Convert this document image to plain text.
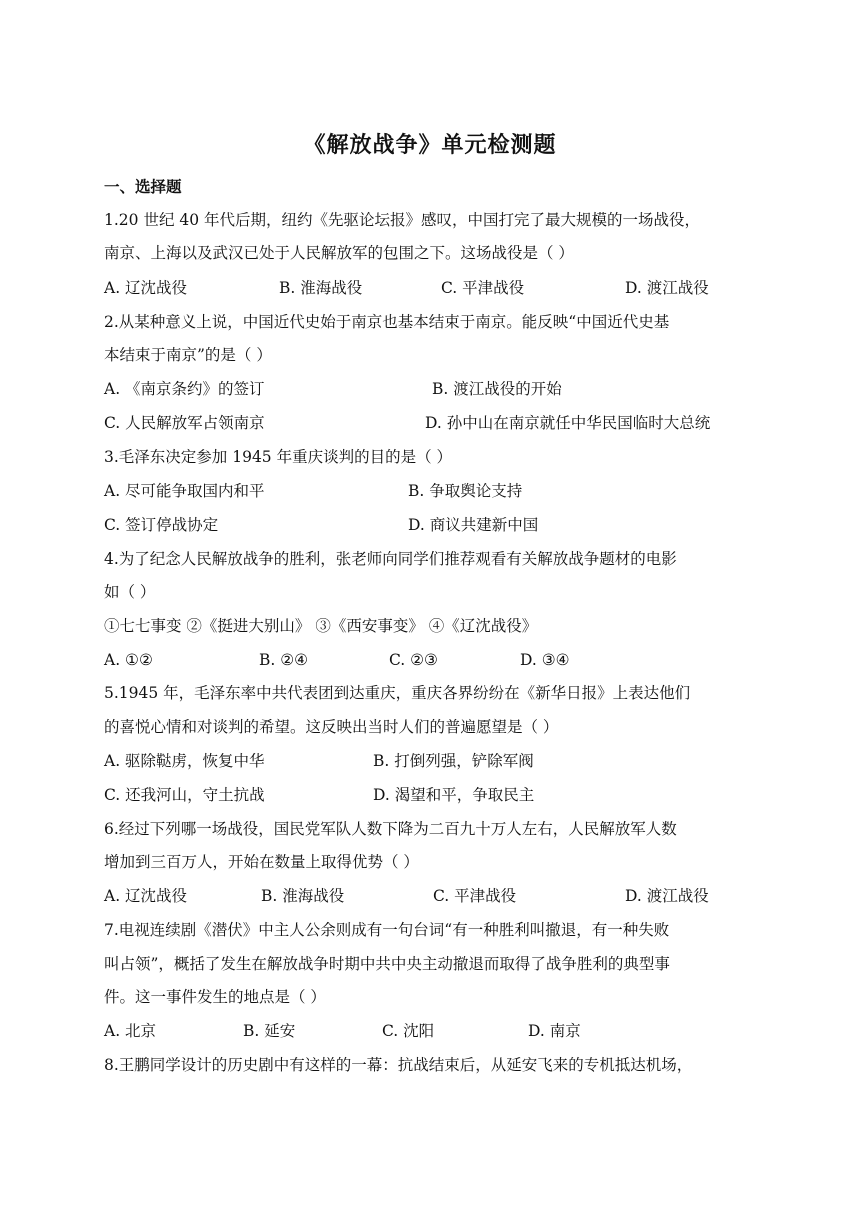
《解放战争》单元检测题
一、选择题
1.20 世纪 40 年代后期，纽约《先驱论坛报》感叹，中国打完了最大规模的一场战役，
南京、上海以及武汉已处于人民解放军的包围之下。这场战役是（ ）
A. 辽沈战役	B. 淮海战役	C. 平津战役	D. 渡江战役
2.从某种意义上说，中国近代史始于南京也基本结束于南京。能反映“中国近代史基
本结束于南京”的是（ ）
A. 《南京条约》的签订	B. 渡江战役的开始
C. 人民解放军占领南京	D. 孙中山在南京就任中华民国临时大总统
3.毛泽东决定参加 1945 年重庆谈判的目的是（ ）
A. 尽可能争取国内和平	B. 争取舆论支持
C. 签订停战协定	D. 商议共建新中国
4.为了纪念人民解放战争的胜利，张老师向同学们推荐观看有关解放战争题材的电影
如（ ）
①七七事变 ②《挺进大别山》 ③《西安事变》 ④《辽沈战役》
A. ①②	B. ②④	C. ②③	D. ③④
5.1945 年，毛泽东率中共代表团到达重庆，重庆各界纷纷在《新华日报》上表达他们
的喜悦心情和对谈判的希望。这反映出当时人们的普遍愿望是（ ）
A. 驱除鞑虏，恢复中华	B. 打倒列强，铲除军阀
C. 还我河山，守土抗战	D. 渴望和平，争取民主
6.经过下列哪一场战役，国民党军队人数下降为二百九十万人左右，人民解放军人数
增加到三百万人，开始在数量上取得优势（ ）
A. 辽沈战役	B. 淮海战役	C. 平津战役	D. 渡江战役
7.电视连续剧《潜伏》中主人公余则成有一句台词“有一种胜利叫撤退，有一种失败
叫占领”，概括了发生在解放战争时期中共中央主动撤退而取得了战争胜利的典型事
件。这一事件发生的地点是（ ）
A. 北京	B. 延安	C. 沈阳	D. 南京
8.王鹏同学设计的历史剧中有这样的一幕：抗战结束后，从延安飞来的专机抵达机场，
